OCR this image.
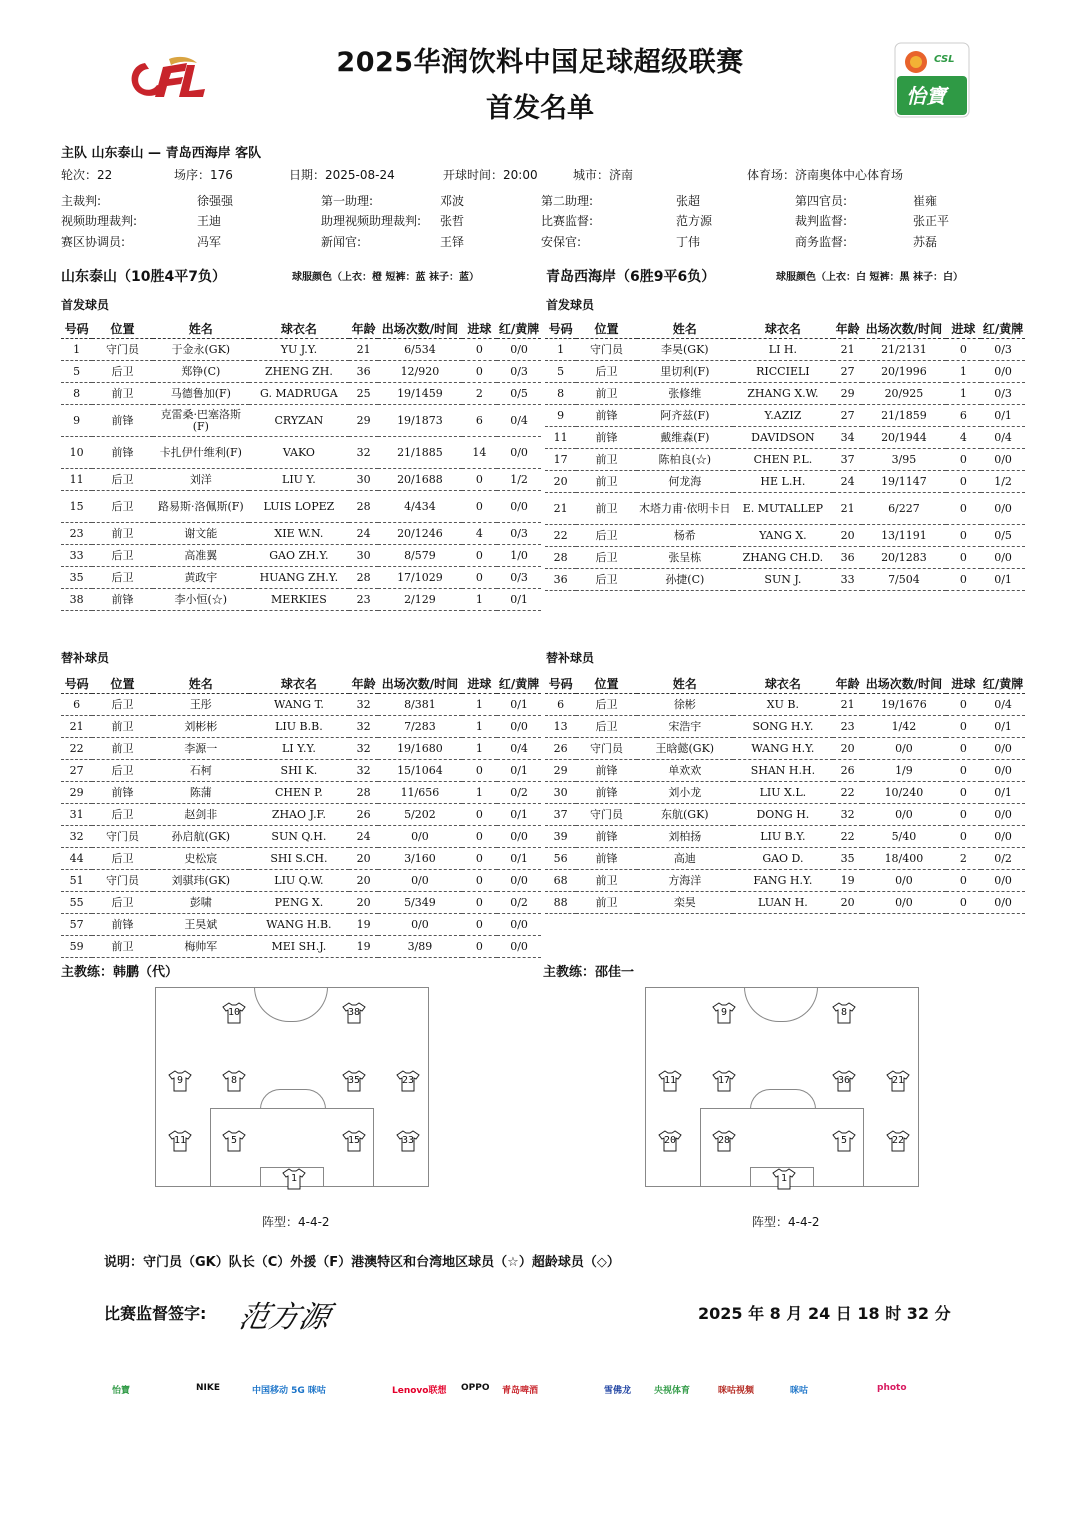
CSL
怡寶
2025华润饮料中国足球超级联赛
首发名单
主队 山东泰山 — 青岛西海岸 客队
轮次：22	场序：176	日期：2025-08-24	开球时间：20:00	城市：济南	体育场：济南奥体中心体育场
主裁判:	徐强强	第一助理:	邓波	第二助理:	张超	第四官员:	崔雍
视频助理裁判:	王迪	助理视频助理裁判: 张哲	比赛监督:	范方源	裁判监督:	张正平
赛区协调员:	冯军	新闻官:	王铎	安保官:	丁伟	商务监督:	苏磊
山东泰山（10胜4平7负）	球服颜色（上衣：橙 短裤：蓝 袜子：蓝）	青岛西海岸（6胜9平6负）	球服颜色（上衣：白 短裤：黑 袜子：白）
首发球员	首发球员
替补球员	替补球员
号码	位置	姓名	球衣名	年龄	出场次数/时间	进球	红/黄牌
1	守门员	于金永(GK)	YU J.Y.	21	6/534	0	0/0
5	后卫	郑铮(C)	ZHENG ZH.	36	12/920	0	0/3
8	前卫	马德鲁加(F)	G. MADRUGA	25	19/1459	2	0/5
9	前锋	克雷桑·巴塞洛斯(F)	CRYZAN	29	19/1873	6	0/4
10	前锋	卡扎伊什维利(F)	VAKO	32	21/1885	14	0/0
11	后卫	刘洋	LIU Y.	30	20/1688	0	1/2
15	后卫	路易斯·洛佩斯(F)	LUIS LOPEZ	28	4/434	0	0/0
23	前卫	谢文能	XIE W.N.	24	20/1246	4	0/3
33	后卫	高准翼	GAO ZH.Y.	30	8/579	0	1/0
35	后卫	黄政宇	HUANG ZH.Y.	28	17/1029	0	0/3
38	前锋	李小恒(☆)	MERKIES	23	2/129	1	0/1
号码	位置	姓名	球衣名	年龄	出场次数/时间	进球	红/黄牌
1	守门员	李昊(GK)	LI H.	21	21/2131	0	0/3
5	后卫	里切利(F)	RICCIELI	27	20/1996	1	0/0
8	前卫	张修维	ZHANG X.W.	29	20/925	1	0/3
9	前锋	阿齐兹(F)	Y.AZIZ	27	21/1859	6	0/1
11	前锋	戴维森(F)	DAVIDSON	34	20/1944	4	0/4
17	前卫	陈柏良(☆)	CHEN P.L.	37	3/95	0	0/0
20	前卫	何龙海	HE L.H.	24	19/1147	0	1/2
21	前卫	木塔力甫·依明卡日	E. MUTALLEP	21	6/227	0	0/0
22	后卫	杨希	YANG X.	20	13/1191	0	0/5
28	后卫	张呈栋	ZHANG CH.D.	36	20/1283	0	0/0
36	后卫	孙捷(C)	SUN J.	33	7/504	0	0/1
号码	位置	姓名	球衣名	年龄	出场次数/时间	进球	红/黄牌
6	后卫	王彤	WANG T.	32	8/381	1	0/1
21	前卫	刘彬彬	LIU B.B.	32	7/283	1	0/0
22	前卫	李源一	LI Y.Y.	32	19/1680	1	0/4
27	后卫	石柯	SHI K.	32	15/1064	0	0/1
29	前锋	陈蒲	CHEN P.	28	11/656	1	0/2
31	后卫	赵剑非	ZHAO J.F.	26	5/202	0	0/1
32	守门员	孙启航(GK)	SUN Q.H.	24	0/0	0	0/0
44	后卫	史松宸	SHI S.CH.	20	3/160	0	0/1
51	守门员	刘骐玮(GK)	LIU Q.W.	20	0/0	0	0/0
55	后卫	彭啸	PENG X.	20	5/349	0	0/2
57	前锋	王昊斌	WANG H.B.	19	0/0	0	0/0
59	前卫	梅帅军	MEI SH.J.	19	3/89	0	0/0
号码	位置	姓名	球衣名	年龄	出场次数/时间	进球	红/黄牌
6	后卫	徐彬	XU B.	21	19/1676	0	0/4
13	后卫	宋浩宇	SONG H.Y.	23	1/42	0	0/1
26	守门员	王晗懿(GK)	WANG H.Y.	20	0/0	0	0/0
29	前锋	单欢欢	SHAN H.H.	26	1/9	0	0/0
30	前锋	刘小龙	LIU X.L.	22	10/240	0	0/1
37	守门员	东航(GK)	DONG H.	32	0/0	0	0/0
39	前锋	刘柏扬	LIU B.Y.	22	5/40	0	0/0
56	前锋	高迪	GAO D.	35	18/400	2	0/2
68	前卫	方海洋	FANG H.Y.	19	0/0	0	0/0
88	前卫	栾昊	LUAN H.	20	0/0	0	0/0
主教练：韩鹏（代）	主教练：邵佳一
10	38
9	8	35	23
11	5	15	33
1
9	8
11	17	36	21
20	28	5	22
1
阵型：4-4-2	阵型：4-4-2
说明：守门员（GK）队长（C）外援（F）港澳特区和台湾地区球员（☆）超龄球员（◇）
比赛监督签字: 范方源	2025 年 8 月 24 日 18 时 32 分
怡寶	NIKE	中国移动 5G 咪咕	Lenovo联想 OPPO 青岛啤酒	雪佛龙	央视体育	咪咕视频	咪咕	photo
